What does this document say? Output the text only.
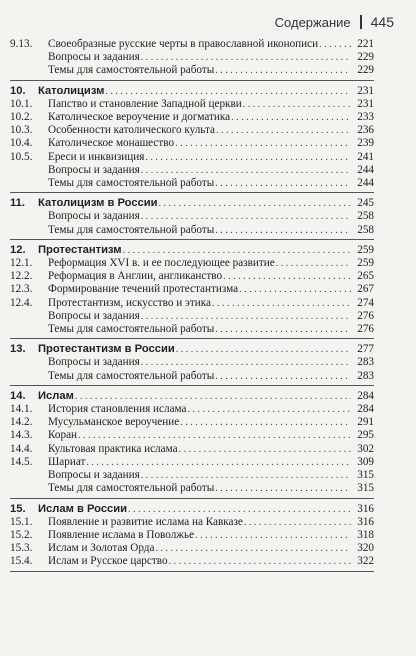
Содержание 445
9.13.	Своеобразные русские черты в православной иконописи . . .	221
Вопросы и задания . . .	229
Темы для самостоятельной работы . . .	229
10.	Католицизм . . .	231
10.1.	Папство и становление Западной церкви . . .	231
10.2.	Католическое вероучение и догматика . . .	233
10.3.	Особенности католического культа . . .	236
10.4.	Католическое монашество . . .	239
10.5.	Ереси и инквизиция . . .	241
Вопросы и задания . . .	244
Темы для самостоятельной работы . . .	244
11.	Католицизм в России . . .	245
Вопросы и задания . . .	258
Темы для самостоятельной работы . . .	258
12.	Протестантизм . . .	259
12.1.	Реформация XVI в. и ее последующее развитие . . .	259
12.2.	Реформация в Англии, англиканство . . .	265
12.3.	Формирование течений протестантизма . . .	267
12.4.	Протестантизм, искусство и этика . . .	274
Вопросы и задания . . .	276
Темы для самостоятельной работы . . .	276
13.	Протестантизм в России . . .	277
Вопросы и задания . . .	283
Темы для самостоятельной работы . . .	283
14.	Ислам . . .	284
14.1.	История становления ислама . . .	284
14.2.	Мусульманское вероучение . . .	291
14.3.	Коран . . .	295
14.4.	Культовая практика ислама . . .	302
14.5.	Шариат . . .	309
Вопросы и задания . . .	315
Темы для самостоятельной работы . . .	315
15.	Ислам в России . . .	316
15.1.	Появление и развитие ислама на Кавказе . . .	316
15.2.	Появление ислама в Поволжье . . .	318
15.3.	Ислам и Золотая Орда . . .	320
15.4.	Ислам и Русское царство . . .	322
